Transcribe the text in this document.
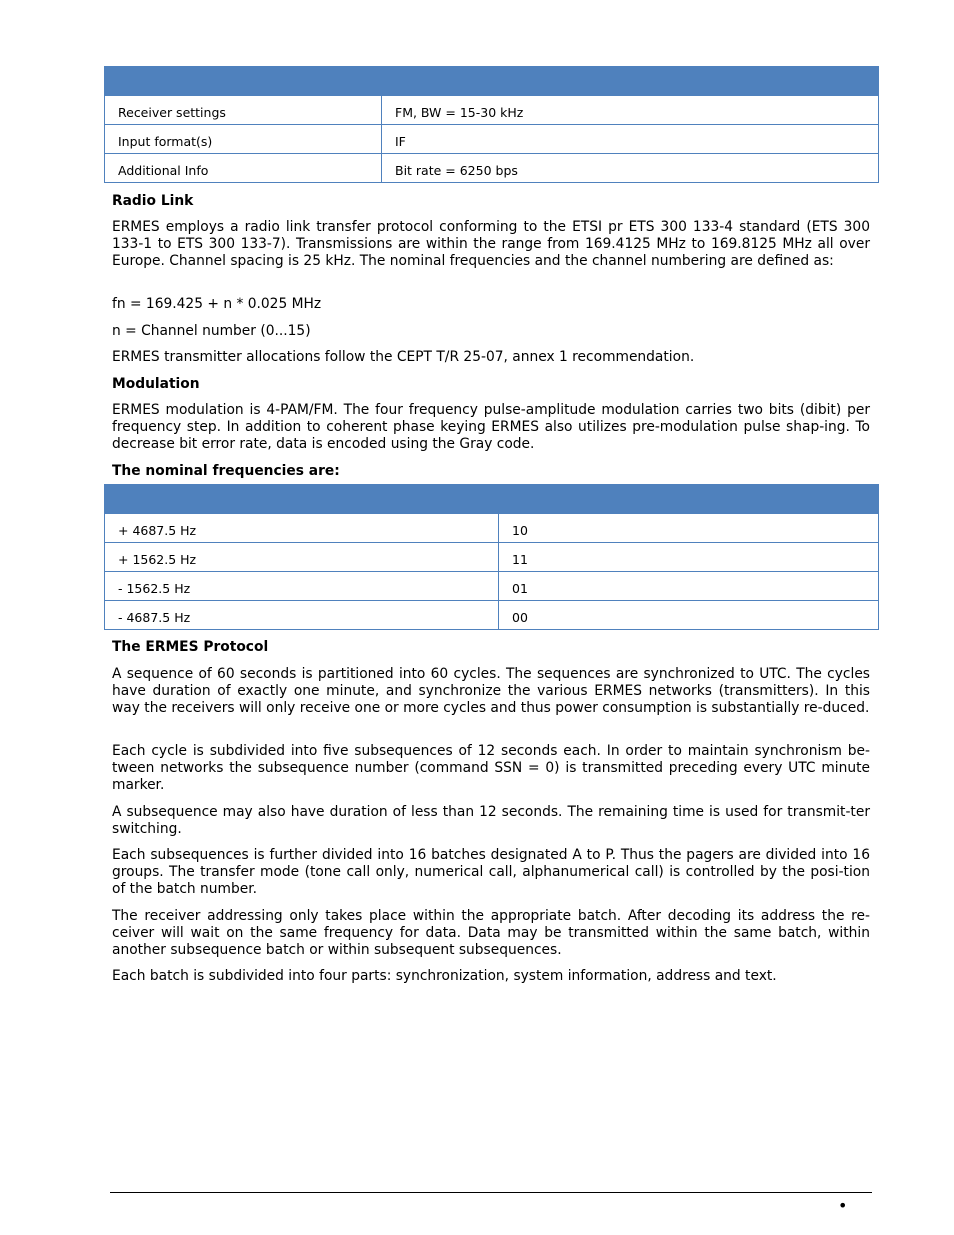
Receiver settings	FM, BW = 15-30 kHz
Input format(s)	IF
Additional Info	Bit rate = 6250 bps

Radio Link

ERMES employs a radio link transfer protocol conforming to the ETSI pr ETS 300 133-4 standard (ETS 300 133-1 to ETS 300 133-7). Transmissions are within the range from 169.4125 MHz to 169.8125 MHz all over Europe. Channel spacing is 25 kHz. The nominal frequencies and the channel numbering are defined as:

fn = 169.425 + n * 0.025 MHz

n = Channel number (0...15)

ERMES transmitter allocations follow the CEPT T/R 25-07, annex 1 recommendation.

Modulation

ERMES modulation is 4-PAM/FM. The four frequency pulse-amplitude modulation carries two bits (dibit) per frequency step. In addition to coherent phase keying ERMES also utilizes pre-modulation pulse shap-ing. To decrease bit error rate, data is encoded using the Gray code.

The nominal frequencies are:

+ 4687.5 Hz	10
+ 1562.5 Hz	11
- 1562.5 Hz	01
- 4687.5 Hz	00

The ERMES Protocol

A sequence of 60 seconds is partitioned into 60 cycles. The sequences are synchronized to UTC. The cycles have duration of exactly one minute, and synchronize the various ERMES networks (transmitters). In this way the receivers will only receive one or more cycles and thus power consumption is substantially re-duced.

Each cycle is subdivided into five subsequences of 12 seconds each. In order to maintain synchronism be-tween networks the subsequence number (command SSN = 0) is transmitted preceding every UTC minute marker.

A subsequence may also have duration of less than 12 seconds. The remaining time is used for transmit-ter switching.

Each subsequences is further divided into 16 batches designated A to P. Thus the pagers are divided into 16 groups. The transfer mode (tone call only, numerical call, alphanumerical call) is controlled by the posi-tion of the batch number.

The receiver addressing only takes place within the appropriate batch. After decoding its address the re-ceiver will wait on the same frequency for data. Data may be transmitted within the same batch, within another subsequence batch or within subsequent subsequences.

Each batch is subdivided into four parts: synchronization, system information, address and text.

•
